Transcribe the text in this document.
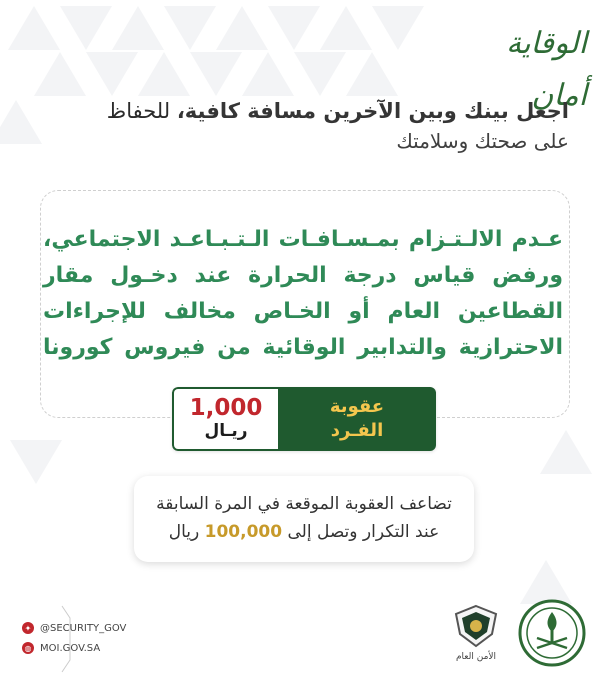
الوقاية أمان
اجعل بينك وبين الآخرين مسافة كافية، للحفاظ
على صحتك وسلامتك
عـدم الالـتـزام بمـسـافـات الـتـبـاعـد الاجتماعي،
ورفض قياس درجة الحرارة عند دخـول مقار
القطاعين العام أو الخـاص مخالف للإجراءات
الاحترازية والتدابير الوقائية من فيروس كورونا
1,000
ريـال
عقوبة
الفـرد
تضاعف العقوبة الموقعة في المرة السابقة
عند التكرار وتصل إلى 100,000 ريال
✦ @SECURITY_GOV
◍ MOI.GOV.SA
الأمن العام
